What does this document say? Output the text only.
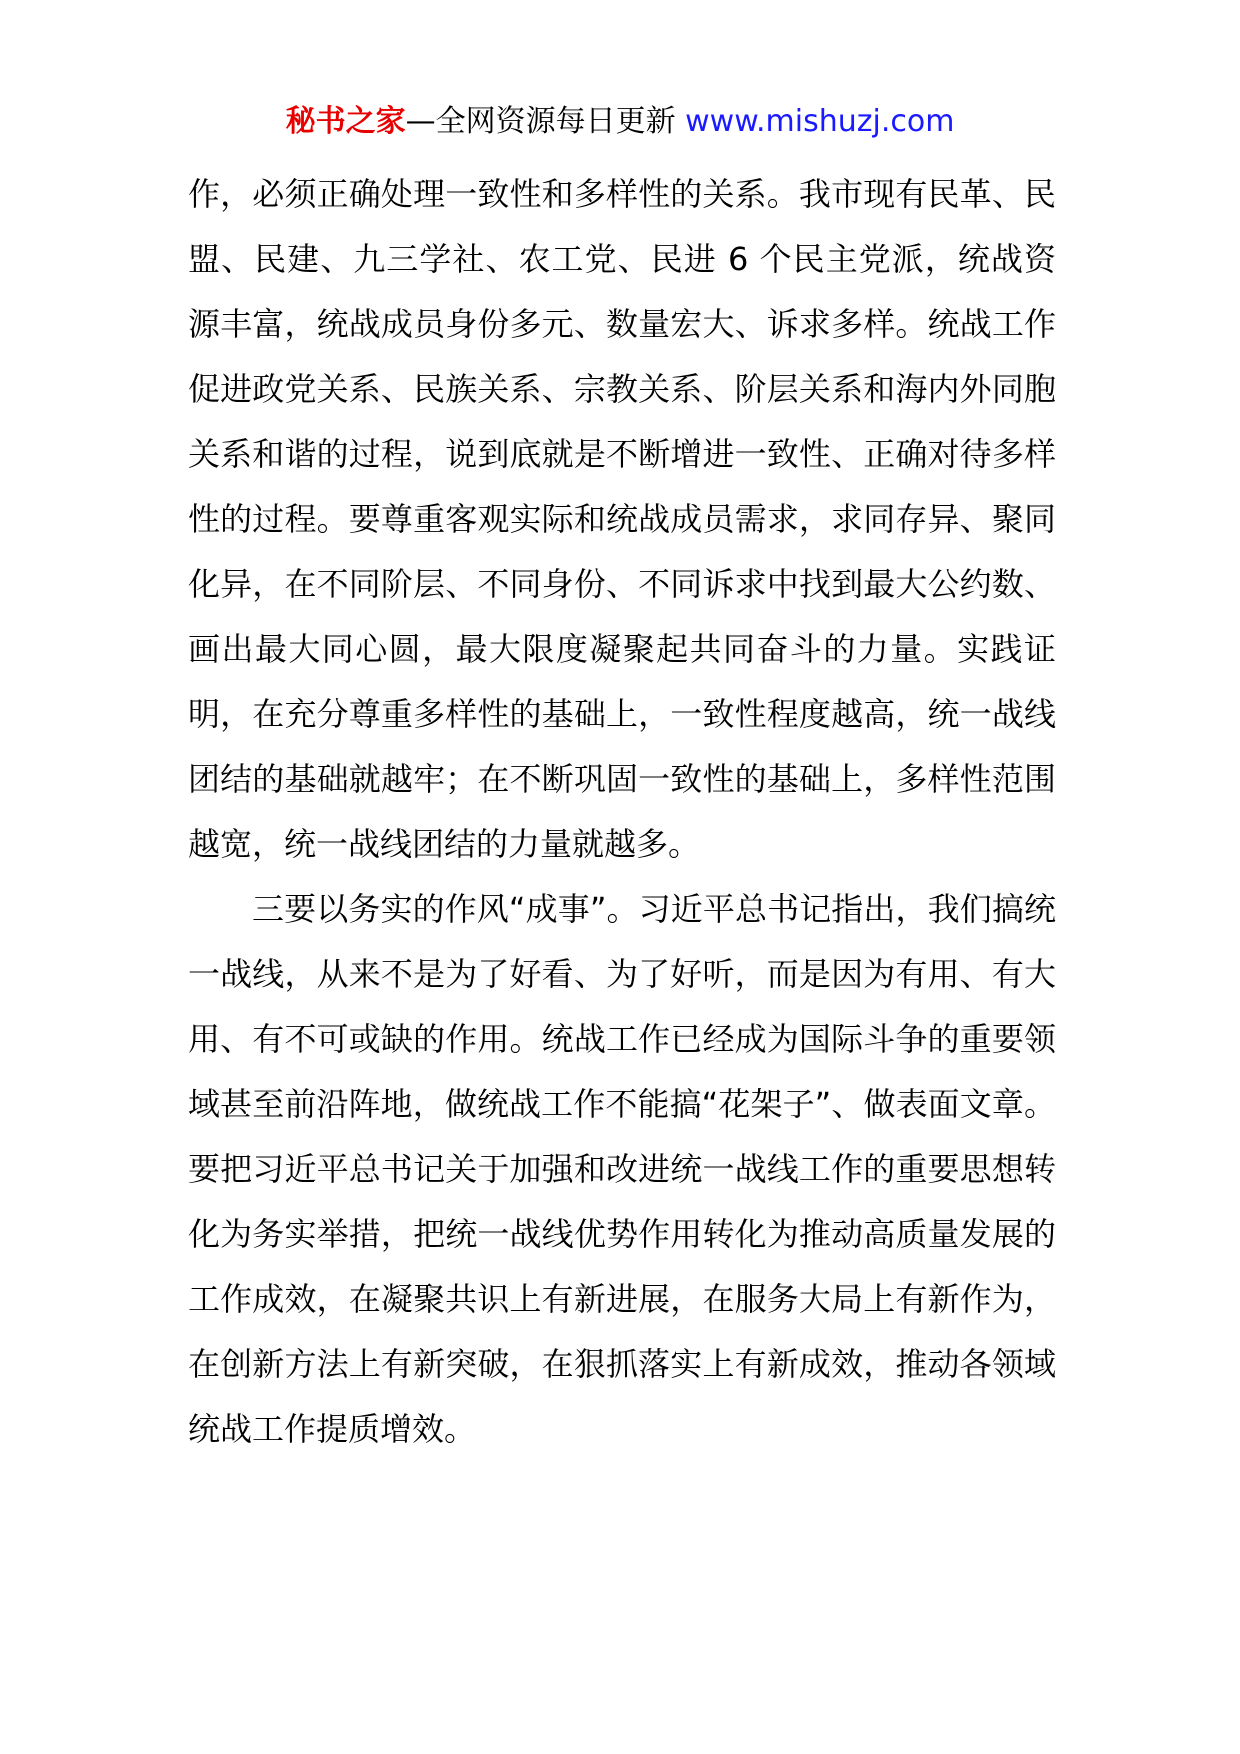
秘书之家—全网资源每日更新 www.mishuzj.com

作，必须正确处理一致性和多样性的关系。我市现有民革、民盟、民建、九三学社、农工党、民进 6 个民主党派，统战资源丰富，统战成员身份多元、数量宏大、诉求多样。统战工作促进政党关系、民族关系、宗教关系、阶层关系和海内外同胞关系和谐的过程，说到底就是不断增进一致性、正确对待多样性的过程。要尊重客观实际和统战成员需求，求同存异、聚同化异，在不同阶层、不同身份、不同诉求中找到最大公约数、画出最大同心圆，最大限度凝聚起共同奋斗的力量。实践证明，在充分尊重多样性的基础上，一致性程度越高，统一战线团结的基础就越牢；在不断巩固一致性的基础上，多样性范围越宽，统一战线团结的力量就越多。

三要以务实的作风“成事”。习近平总书记指出，我们搞统一战线，从来不是为了好看、为了好听，而是因为有用、有大用、有不可或缺的作用。统战工作已经成为国际斗争的重要领域甚至前沿阵地，做统战工作不能搞“花架子”、做表面文章。要把习近平总书记关于加强和改进统一战线工作的重要思想转化为务实举措，把统一战线优势作用转化为推动高质量发展的工作成效，在凝聚共识上有新进展，在服务大局上有新作为，在创新方法上有新突破，在狠抓落实上有新成效，推动各领域统战工作提质增效。
